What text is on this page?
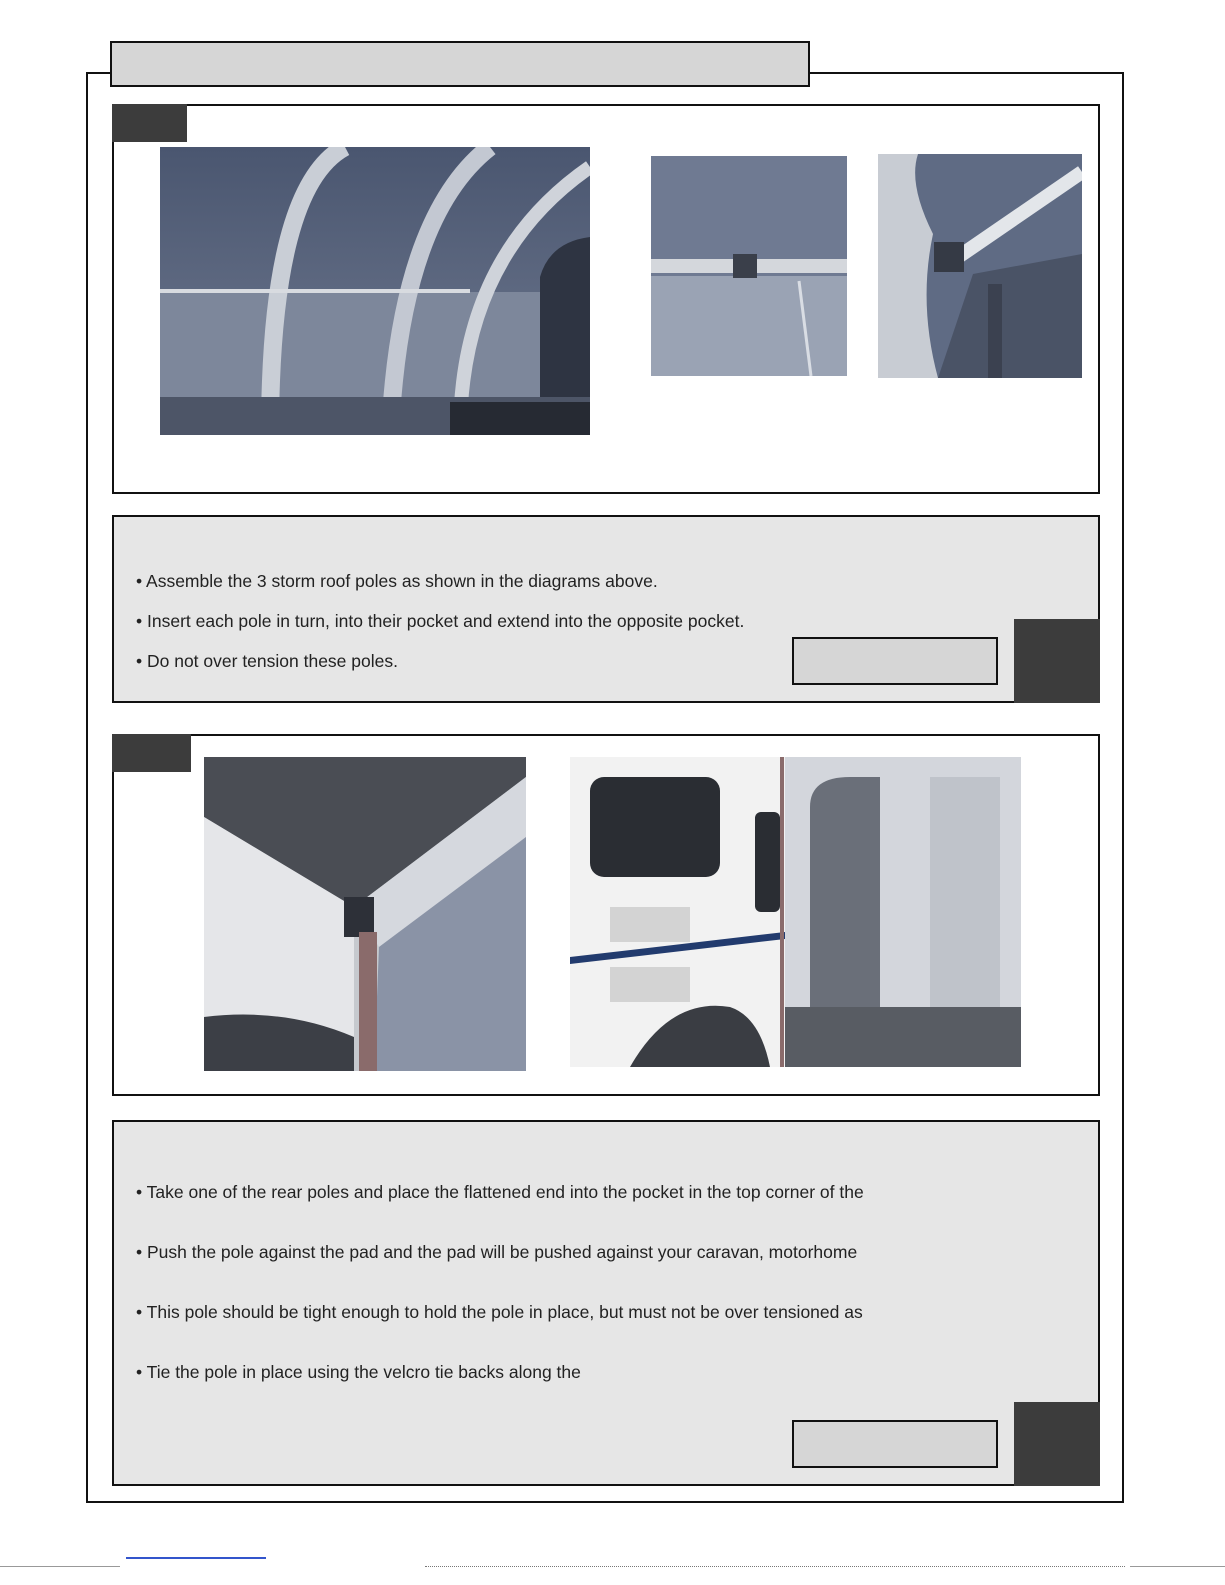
• Assemble the 3 storm roof poles as shown in the diagrams above.
• Insert each pole in turn, into their pocket and extend into the opposite pocket.
• Do not over tension these poles.
• Take one of the rear poles and place the flattened end into the pocket in the top corner of the
• Push the pole against the pad and the pad will be pushed against your caravan, motorhome
• This pole should be tight enough to hold the pole in place, but must not be over tensioned as
• Tie the pole in place using the velcro tie backs along the
